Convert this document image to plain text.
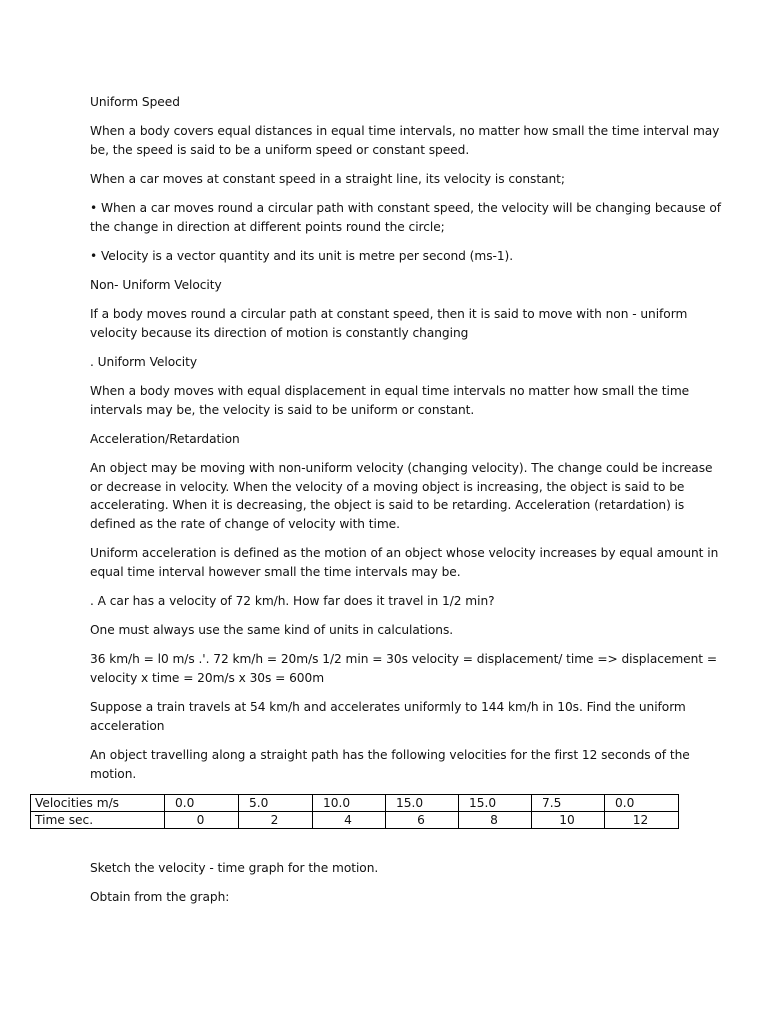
Uniform Speed
When a body covers equal distances in equal time intervals, no matter how small the time interval may
be, the speed is said to be a uniform speed or constant speed.
When a car moves at constant speed in a straight line, its velocity is constant;
• When a car moves round a circular path with constant speed, the velocity will be changing because of
the change in direction at different points round the circle;
• Velocity is a vector quantity and its unit is metre per second (ms-1).
Non- Uniform Velocity
If a body moves round a circular path at constant speed, then it is said to move with non - uniform
velocity because its direction of motion is constantly changing
. Uniform Velocity
When a body moves with equal displacement in equal time intervals no matter how small the time
intervals may be, the velocity is said to be uniform or constant.
Acceleration/Retardation
An object may be moving with non-uniform velocity (changing velocity). The change could be increase
or decrease in velocity. When the velocity of a moving object is increasing, the object is said to be
accelerating. When it is decreasing, the object is said to be retarding. Acceleration (retardation) is
defined as the rate of change of velocity with time.
Uniform acceleration is defined as the motion of an object whose velocity increases by equal amount in
equal time interval however small the time intervals may be.
. A car has a velocity of 72 km/h. How far does it travel in 1/2 min?
One must always use the same kind of units in calculations.
36 km/h = l0 m/s .'. 72 km/h = 20m/s 1/2 min = 30s velocity = displacement/ time => displacement =
velocity x time = 20m/s x 30s = 600m
Suppose a train travels at 54 km/h and accelerates uniformly to 144 km/h in 10s. Find the uniform
acceleration
An object travelling along a straight path has the following velocities for the first 12 seconds of the
motion.
Velocities m/s	0.0	5.0	10.0	15.0	15.0	7.5	0.0
Time sec.	0	2	4	6	8	10	12
Sketch the velocity - time graph for the motion.
Obtain from the graph:
